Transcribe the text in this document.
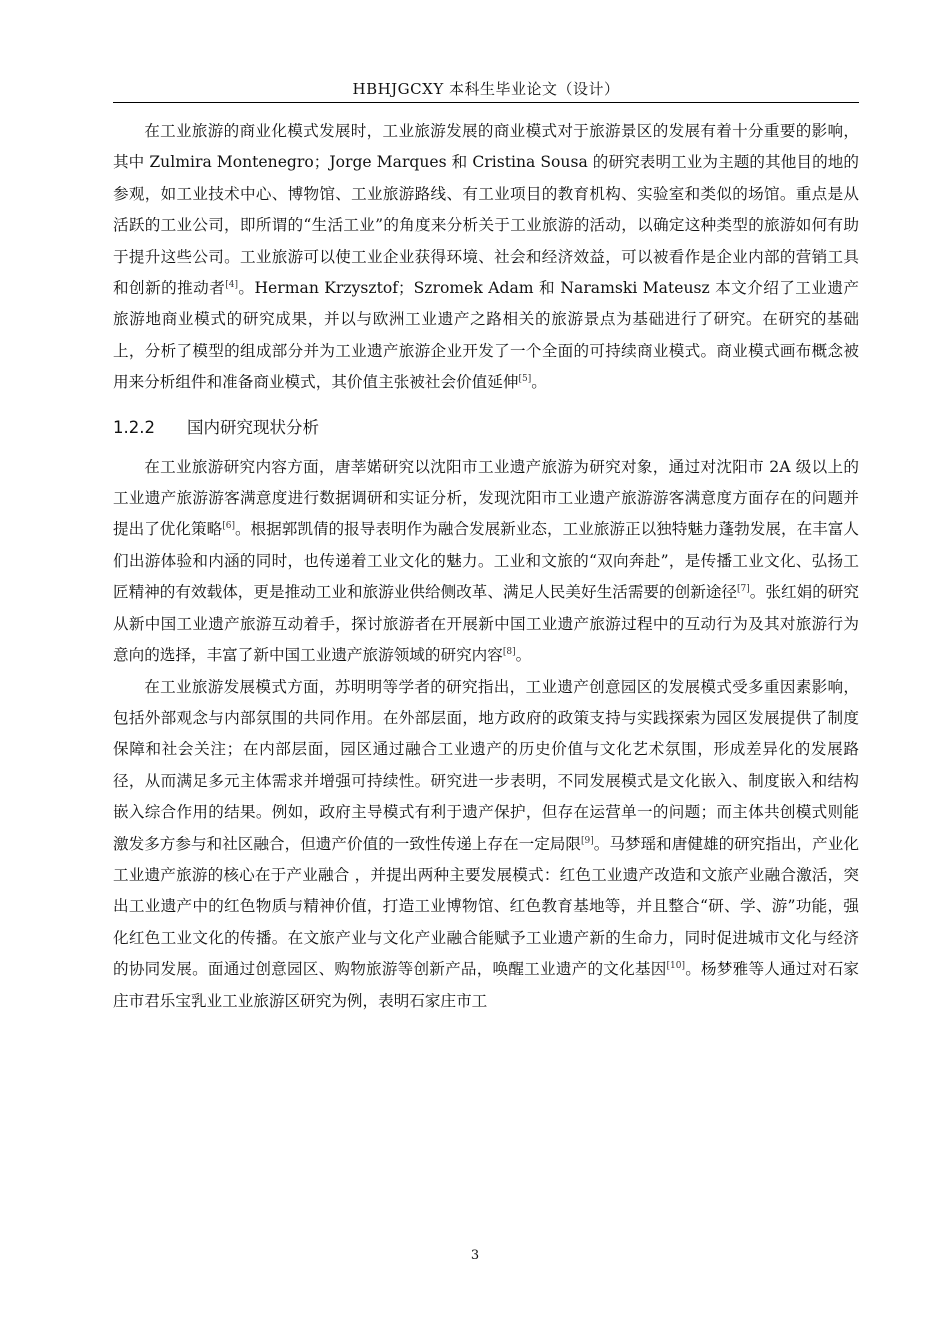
HBHJGCXY 本科生毕业论文（设计）

在工业旅游的商业化模式发展时，工业旅游发展的商业模式对于旅游景区的发展有着十分重要的影响，其中 Zulmira Montenegro；Jorge Marques 和 Cristina Sousa 的研究表明工业为主题的其他目的地的参观，如工业技术中心、博物馆、工业旅游路线、有工业项目的教育机构、实验室和类似的场馆。重点是从活跃的工业公司，即所谓的“生活工业”的角度来分析关于工业旅游的活动，以确定这种类型的旅游如何有助于提升这些公司。工业旅游可以使工业企业获得环境、社会和经济效益，可以被看作是企业内部的营销工具和创新的推动者[4]。Herman Krzysztof；Szromek Adam 和 Naramski Mateusz 本文介绍了工业遗产旅游地商业模式的研究成果，并以与欧洲工业遗产之路相关的旅游景点为基础进行了研究。在研究的基础上，分析了模型的组成部分并为工业遗产旅游企业开发了一个全面的可持续商业模式。商业模式画布概念被用来分析组件和准备商业模式，其价值主张被社会价值延伸[5]。

1.2.2 国内研究现状分析

在工业旅游研究内容方面，唐莘婼研究以沈阳市工业遗产旅游为研究对象，通过对沈阳市 2A 级以上的工业遗产旅游游客满意度进行数据调研和实证分析，发现沈阳市工业遗产旅游游客满意度方面存在的问题并提出了优化策略[6]。根据郭凯倩的报导表明作为融合发展新业态，工业旅游正以独特魅力蓬勃发展，在丰富人们出游体验和内涵的同时，也传递着工业文化的魅力。工业和文旅的“双向奔赴”，是传播工业文化、弘扬工匠精神的有效载体，更是推动工业和旅游业供给侧改革、满足人民美好生活需要的创新途径[7]。张红娟的研究从新中国工业遗产旅游互动着手，探讨旅游者在开展新中国工业遗产旅游过程中的互动行为及其对旅游行为意向的选择，丰富了新中国工业遗产旅游领域的研究内容[8]。

在工业旅游发展模式方面，苏明明等学者的研究指出，工业遗产创意园区的发展模式受多重因素影响，包括外部观念与内部氛围的共同作用。在外部层面，地方政府的政策支持与实践探索为园区发展提供了制度保障和社会关注；在内部层面，园区通过融合工业遗产的历史价值与文化艺术氛围，形成差异化的发展路径，从而满足多元主体需求并增强可持续性。研究进一步表明，不同发展模式是文化嵌入、制度嵌入和结构嵌入综合作用的结果。例如，政府主导模式有利于遗产保护，但存在运营单一的问题；而主体共创模式则能激发多方参与和社区融合，但遗产价值的一致性传递上存在一定局限[9]。马梦瑶和唐健雄的研究指出，产业化工业遗产旅游的核心在于产业融合 ，并提出两种主要发展模式：红色工业遗产改造和文旅产业融合激活，突出工业遗产中的红色物质与精神价值，打造工业博物馆、红色教育基地等，并且整合“研、学、游”功能，强化红色工业文化的传播。在文旅产业与文化产业融合能赋予工业遗产新的生命力，同时促进城市文化与经济的协同发展。面通过创意园区、购物旅游等创新产品，唤醒工业遗产的文化基因[10]。杨梦雅等人通过对石家庄市君乐宝乳业工业旅游区研究为例，表明石家庄市工

3
